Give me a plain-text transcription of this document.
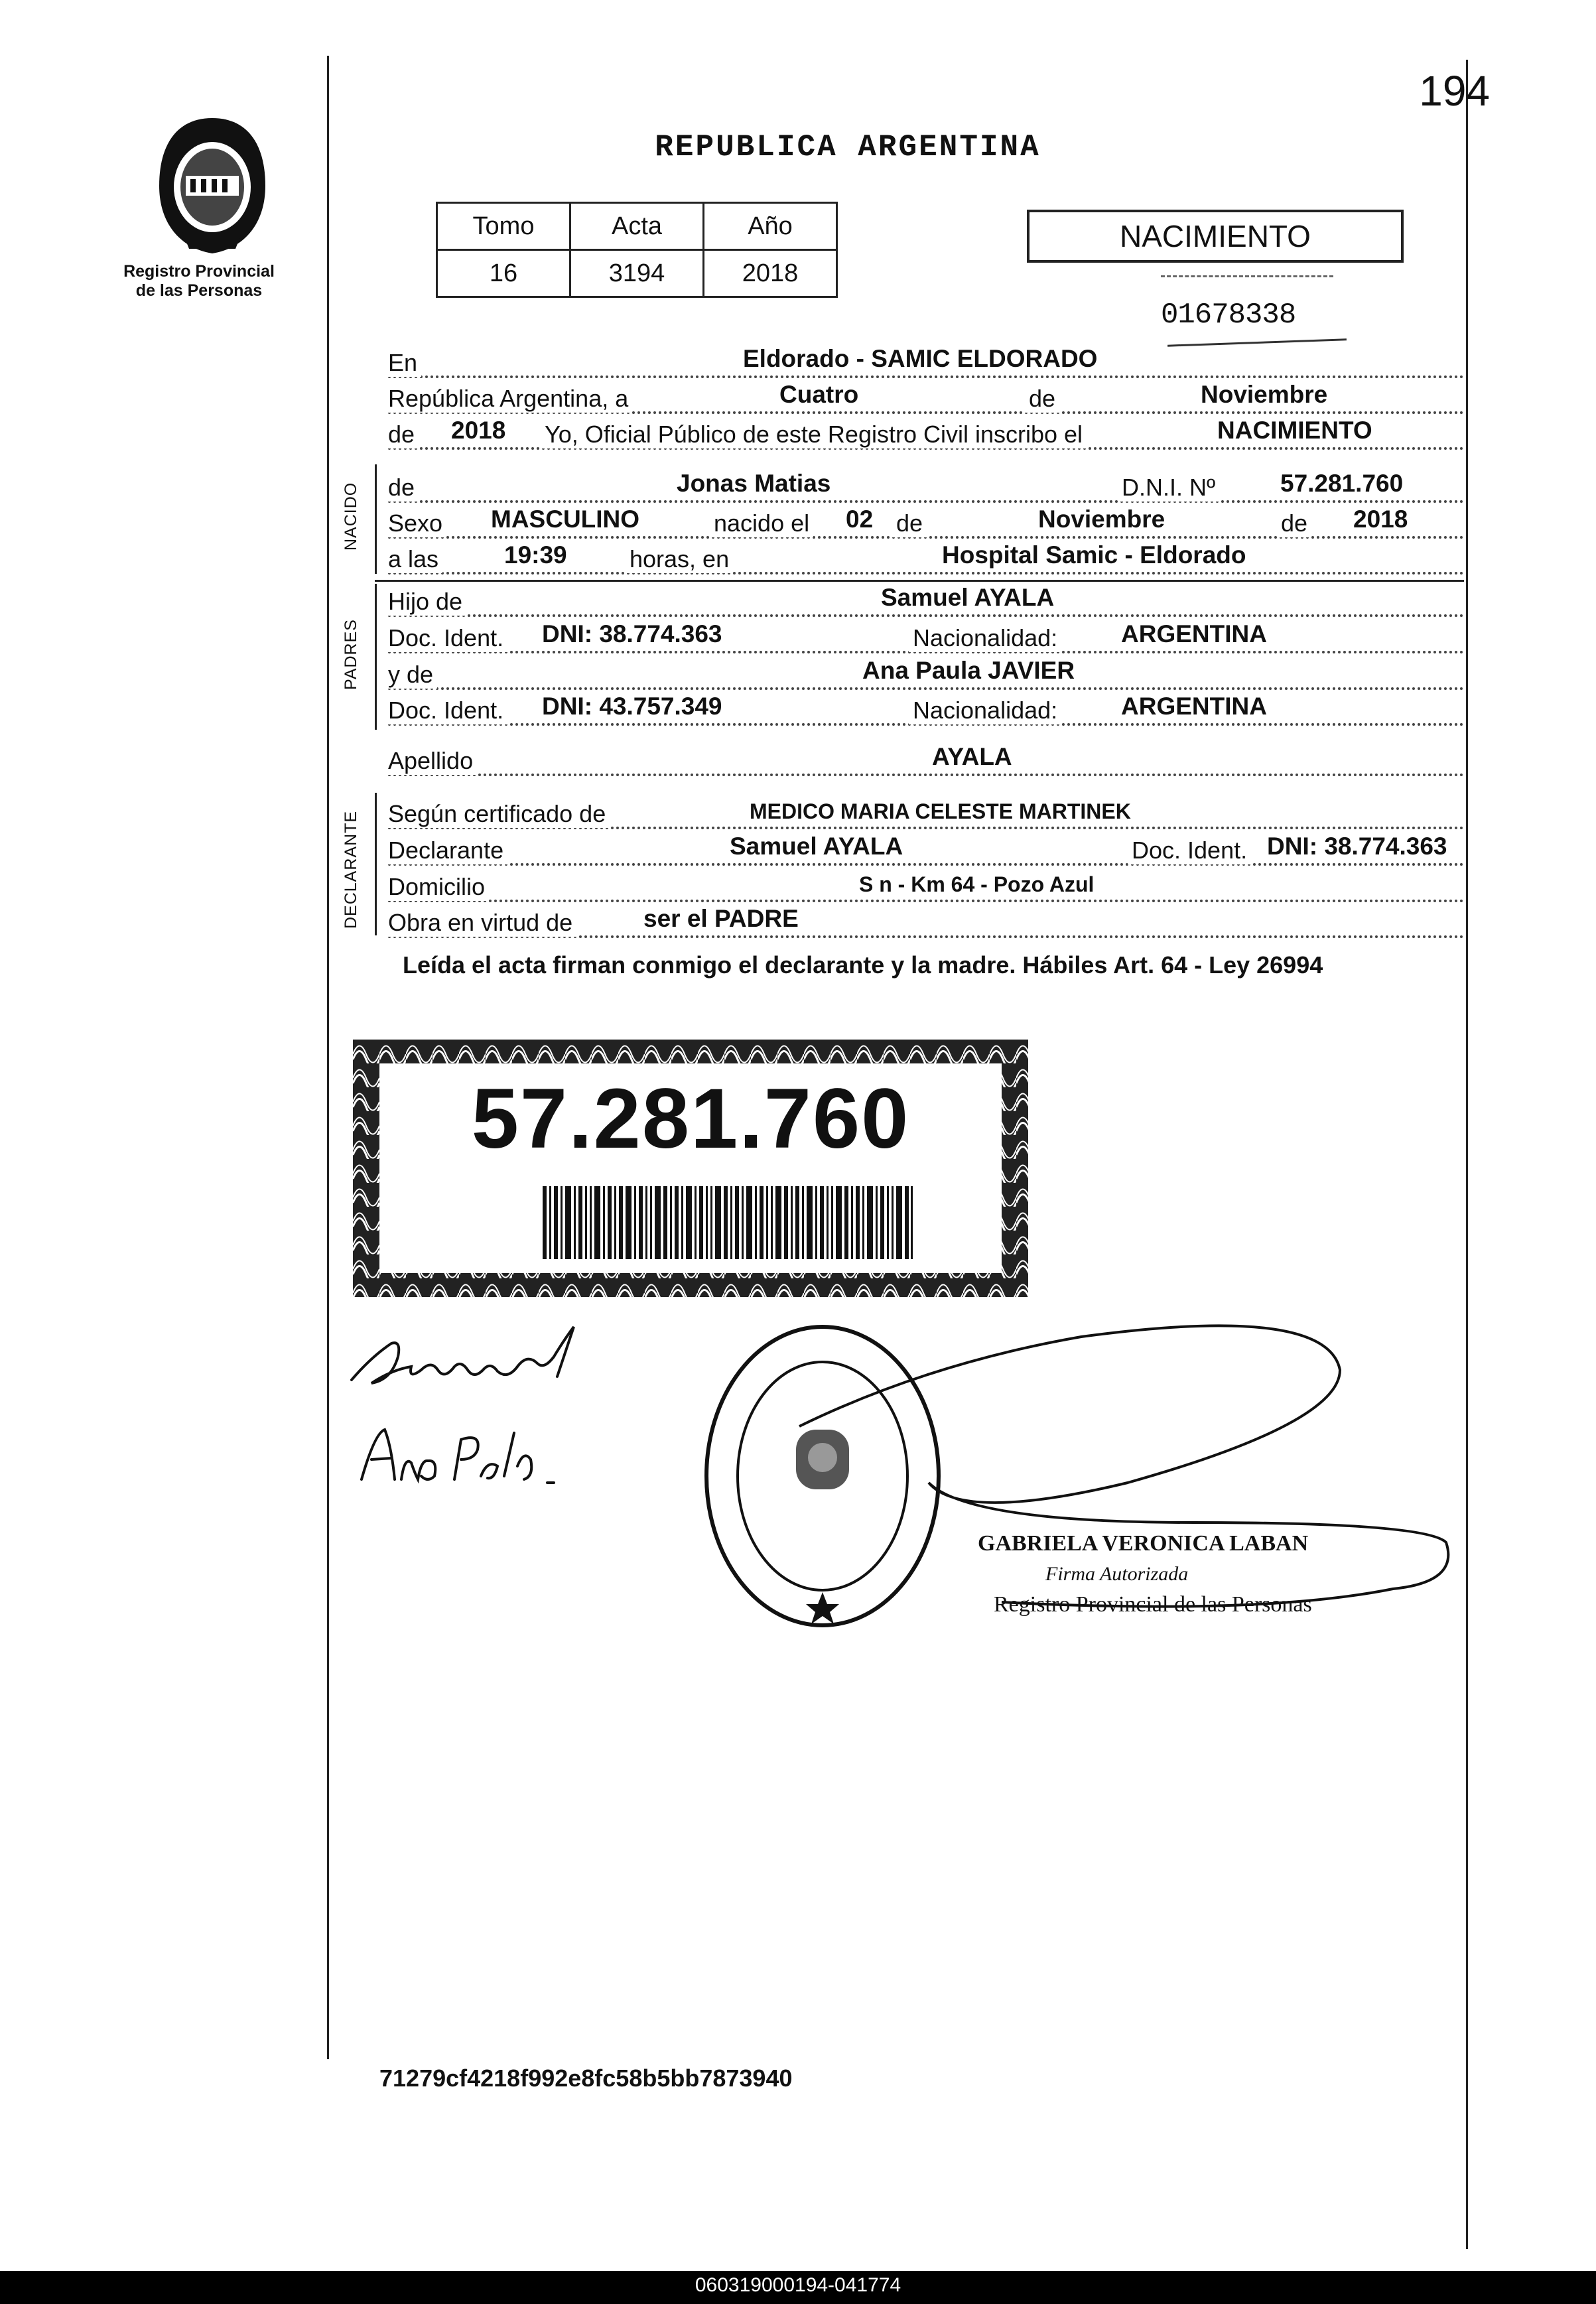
194
Registro Provincial
de las Personas
REPUBLICA ARGENTINA
Tomo	Acta	Año
16	3194	2018
NACIMIENTO
01678338
En	Eldorado - SAMIC ELDORADO
República Argentina, a	Cuatro	de	Noviembre
de 2018 Yo, Oficial Público de este Registro Civil inscribo el	NACIMIENTO
NACIDO de	Jonas Matias	D.N.I. Nº	57.281.760
Sexo MASCULINO	nacido el 02 de	Noviembre	de 2018
a las	19:39	horas, en	Hospital Samic - Eldorado
PADRES
Hijo de	Samuel AYALA
Doc. Ident. DNI: 38.774.363	Nacionalidad:	ARGENTINA
y de	Ana Paula JAVIER
Doc. Ident. DNI: 43.757.349	Nacionalidad:	ARGENTINA
Apellido	AYALA
DECLARANTE Según certificado de	MEDICO MARIA CELESTE MARTINEK
Declarante	Samuel AYALA	Doc. Ident. DNI: 38.774.363
Domicilio	S n - Km 64 - Pozo Azul
Obra en virtud de	ser el PADRE
Leída el acta firman conmigo el declarante y la madre. Hábiles Art. 64 - Ley 26994
57.281.760
GABRIELA VERONICA LABAN
Firma Autorizada
Registro Provincial de las Personas
71279cf4218f992e8fc58b5bb7873940
060319000194-041774
